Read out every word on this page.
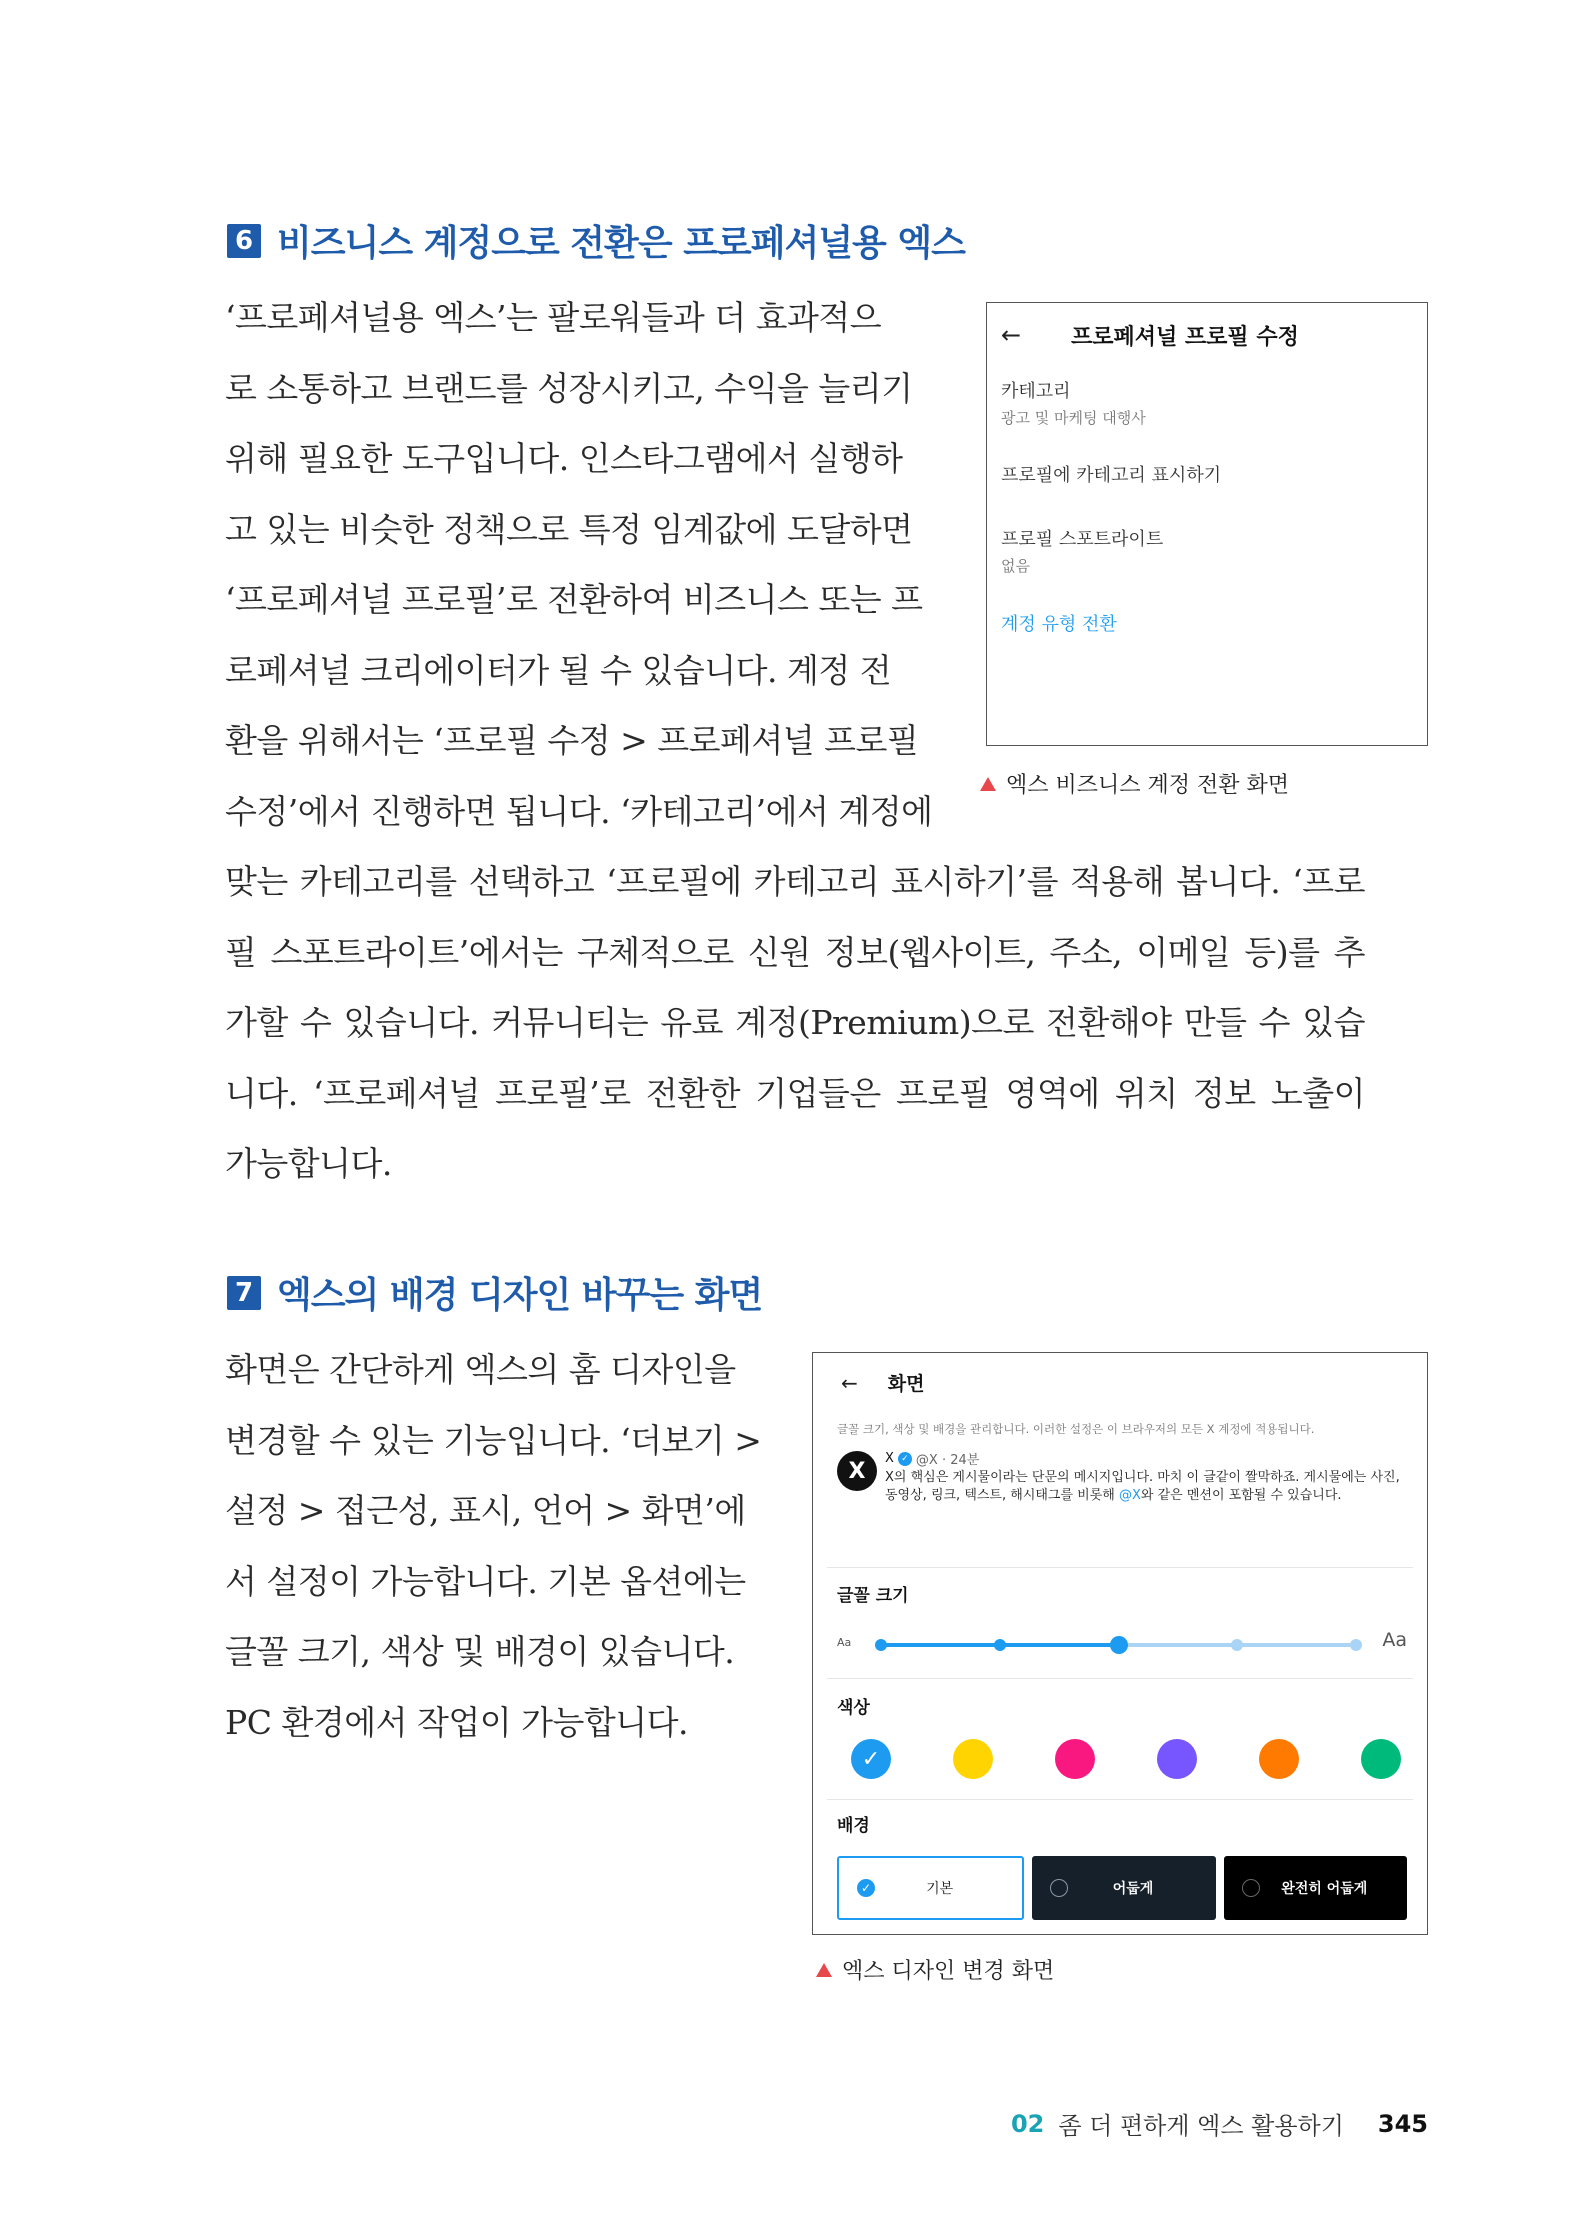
6 비즈니스 계정으로 전환은 프로페셔널용 엑스

‘프로페셔널용 엑스’는 팔로워들과 더 효과적으

로 소통하고 브랜드를 성장시키고, 수익을 늘리기

위해 필요한 도구입니다. 인스타그램에서 실행하

고 있는 비슷한 정책으로 특정 임계값에 도달하면

‘프로페셔널 프로필’로 전환하여 비즈니스 또는 프

로페셔널 크리에이터가 될 수 있습니다. 계정 전

환을 위해서는 ‘프로필 수정 > 프로페셔널 프로필

수정’에서 진행하면 됩니다. ‘카테고리’에서 계정에

맞는 카테고리를 선택하고 ‘프로필에 카테고리 표시하기’를 적용해 봅니다. ‘프로

필 스포트라이트’에서는 구체적으로 신원 정보(웹사이트, 주소, 이메일 등)를 추

가할 수 있습니다. 커뮤니티는 유료 계정(Premium)으로 전환해야 만들 수 있습

니다. ‘프로페셔널 프로필’로 전환한 기업들은 프로필 영역에 위치 정보 노출이

가능합니다.

←	프로페셔널 프로필 수정
카테고리
광고 및 마케팅 대행사
프로필에 카테고리 표시하기
프로필 스포트라이트
없음
계정 유형 전환
엑스 비즈니스 계정 전환 화면
7 엑스의 배경 디자인 바꾸는 화면

화면은 간단하게 엑스의 홈 디자인을

변경할 수 있는 기능입니다. ‘더보기 >

설정 > 접근성, 표시, 언어 > 화면’에

서 설정이 가능합니다. 기본 옵션에는

글꼴 크기, 색상 및 배경이 있습니다.

PC 환경에서 작업이 가능합니다.

← 화면
글꼴 크기, 색상 및 배경을 관리합니다. 이러한 설정은 이 브라우저의 모든 X 계정에 적용됩니다.
X	X ✓ @X · 24분
X의 핵심은 게시물이라는 단문의 메시지입니다. 마치 이 글같이 짤막하죠. 게시물에는 사진, 동영상, 링크, 텍스트, 해시태그를 비롯해 @X와 같은 멘션이 포함될 수 있습니다.
글꼴 크기
Aa	Aa
색상
✓
배경
✓	기본	어둡게	완전히 어둡게
엑스 디자인 변경 화면
02 좀 더 편하게 엑스 활용하기 345
